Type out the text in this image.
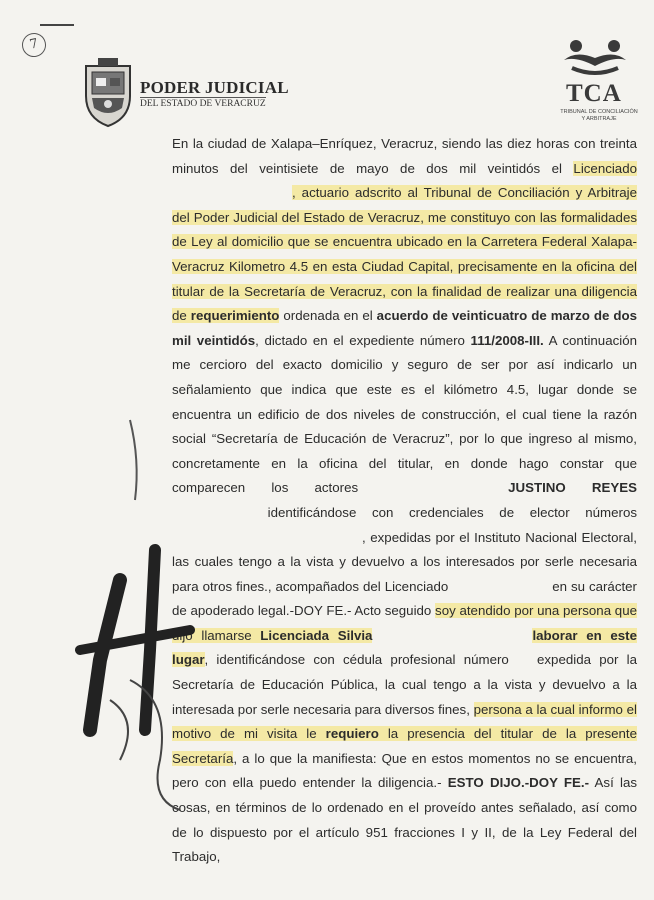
7
PODER JUDICIAL
DEL ESTADO DE VERACRUZ	TCA
TRIBUNAL DE CONCILIACIÓN Y ARBITRAJE

En la ciudad de Xalapa–Enríquez, Veracruz, siendo las diez horas con treinta minutos del veintisiete de mayo de dos mil veintidós el Licenciado, actuario adscrito al Tribunal de Conciliación y Arbitraje del Poder Judicial del Estado de Veracruz, me constituyo con las formalidades de Ley al domicilio que se encuentra ubicado en la Carretera Federal Xalapa-Veracruz Kilometro 4.5 en esta Ciudad Capital, precisamente en la oficina del titular de la Secretaría de Veracruz, con la finalidad de realizar una diligencia de requerimiento ordenada en el acuerdo de veinticuatro de marzo de dos mil veintidós, dictado en el expediente número 111/2008-III. A continuación me cercioro del exacto domicilio y seguro de ser por así indicarlo un señalamiento que indica que este es el kilómetro 4.5, lugar donde se encuentra un edificio de dos niveles de construcción, el cual tiene la razón social “Secretaría de Educación de Veracruz”, por lo que ingreso al mismo, concretamente en la oficina del titular, en donde hago constar que comparecen los actores	JUSTINO REYES identificándose con credenciales de elector números, expedidas por el Instituto Nacional Electoral, las cuales tengo a la vista y devuelvo a los interesados por serle necesaria para otros fines., acompañados del Licenciado	en su carácter de apoderado legal.-DOY FE.- Acto seguido soy atendido por una persona que dijo llamarse Licenciada Silvia	laborar en este lugar, identificándose con cédula profesional número expedida por la Secretaría de Educación Pública, la cual tengo a la vista y devuelvo a la interesada por serle necesaria para diversos fines, persona a la cual informo el motivo de mi visita le requiero la presencia del titular de la presente Secretaría, a lo que la manifiesta: Que en estos momentos no se encuentra, pero con ella puedo entender la diligencia.- ESTO DIJO.-DOY FE.- Así las cosas, en términos de lo ordenado en el proveído antes señalado, así como de lo dispuesto por el artículo 951 fracciones I y II, de la Ley Federal del Trabajo,
